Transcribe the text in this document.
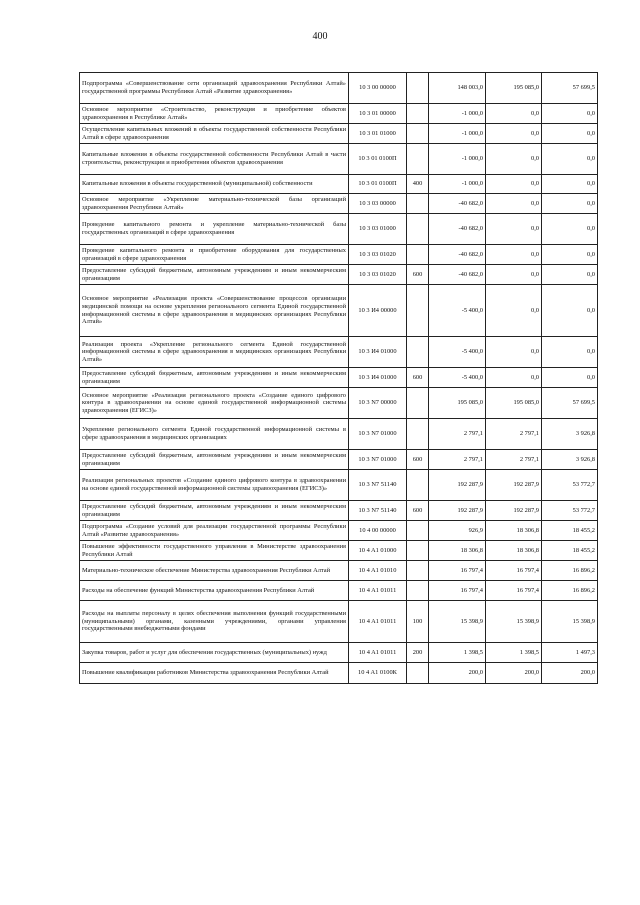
400
Подпрограмма «Совершенствование сети организаций здравоохранения Республики Алтай» государственной программы Республики Алтай «Развитие здравоохранения»	10 3 00 00000		148 003,0	195 085,0	57 699,5
Основное мероприятие «Строительство, реконструкция и приобретение объектов здравоохранения в Республике Алтай»	10 3 01 00000		-1 000,0	0,0	0,0
Осуществление капитальных вложений в объекты государственной собственности Республики Алтай в сфере здравоохранения	10 3 01 01000		-1 000,0	0,0	0,0
Капитальные вложения в объекты государственной собственности Республики Алтай в части строительства, реконструкции и приобретения объектов здравоохранения	10 3 01 0100П		-1 000,0	0,0	0,0
Капитальные вложения в объекты государственной (муниципальной) собственности	10 3 01 0100П	400	-1 000,0	0,0	0,0
Основное мероприятие «Укрепление материально-технической базы организаций здравоохранения Республики Алтай»	10 3 03 00000		-40 682,0	0,0	0,0
Проведение капитального ремонта и укрепление материально-технической базы государственных организаций в сфере здравоохранения	10 3 03 01000		-40 682,0	0,0	0,0
Проведение капитального ремонта и приобретение оборудования для государственных организаций в сфере здравоохранения	10 3 03 01020		-40 682,0	0,0	0,0
Предоставление субсидий бюджетным, автономным учреждениям и иным некоммерческим организациям	10 3 03 01020	600	-40 682,0	0,0	0,0
Основное мероприятие «Реализация проекта «Совершенствование процессов организации медицинской помощи на основе укрепления регионального сегмента Единой государственной информационной системы в сфере здравоохранения в медицинских организациях Республики Алтай»	10 3 И4 00000		-5 400,0	0,0	0,0
Реализация проекта «Укрепление регионального сегмента Единой государственной информационной системы в сфере здравоохранения в медицинских организациях Республики Алтай»	10 3 И4 01000		-5 400,0	0,0	0,0
Предоставление субсидий бюджетным, автономным учреждениям и иным некоммерческим организациям	10 3 И4 01000	600	-5 400,0	0,0	0,0
Основное мероприятие «Реализация регионального проекта «Создание единого цифрового контура в здравоохранении на основе единой государственной информационной системы здравоохранения (ЕГИСЗ)»	10 3 N7 00000		195 085,0	195 085,0	57 699,5
Укрепление регионального сегмента Единой государственной информационной системы в сфере здравоохранения в медицинских организациях	10 3 N7 01000		2 797,1	2 797,1	3 926,8
Предоставление субсидий бюджетным, автономным учреждениям и иным некоммерческим организациям	10 3 N7 01000	600	2 797,1	2 797,1	3 926,8
Реализация региональных проектов «Создание единого цифрового контура в здравоохранении на основе единой государственной информационной системы здравоохранения (ЕГИСЗ)»	10 3 N7 51140		192 287,9	192 287,9	53 772,7
Предоставление субсидий бюджетным, автономным учреждениям и иным некоммерческим организациям	10 3 N7 51140	600	192 287,9	192 287,9	53 772,7
Подпрограмма «Создание условий для реализации государственной программы Республики Алтай «Развитие здравоохранения»	10 4 00 00000		926,9	18 306,8	18 455,2
Повышение эффективности государственного управления в Министерстве здравоохранения Республики Алтай	10 4 A1 01000		18 306,8	18 306,8	18 455,2
Материально-техническое обеспечение Министерства здравоохранения Республики Алтай	10 4 A1 01010		16 797,4	16 797,4	16 896,2
Расходы на обеспечение функций Министерства здравоохранения Республики Алтай	10 4 A1 01011		16 797,4	16 797,4	16 896,2
Расходы на выплаты персоналу в целях обеспечения выполнения функций государственными (муниципальными) органами, казенными учреждениями, органами управления государственными внебюджетными фондами	10 4 A1 01011	100	15 398,9	15 398,9	15 398,9
Закупка товаров, работ и услуг для обеспечения государственных (муниципальных) нужд	10 4 A1 01011	200	1 398,5	1 398,5	1 497,3
Повышение квалификации работников Министерства здравоохранения Республики Алтай	10 4 A1 0100К		200,0	200,0	200,0
